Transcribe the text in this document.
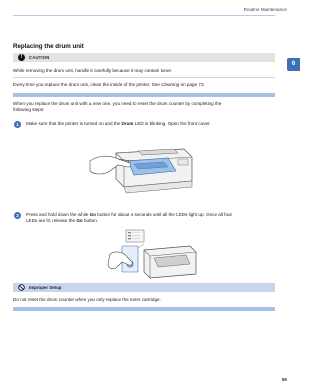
Routine Maintenance
6
Replacing the drum unit
!	CAUTION
While removing the drum unit, handle it carefully because it may contain toner.
Every time you replace the drum unit, clean the inside of the printer. See Cleaning on page 73.
When you replace the drum unit with a new one, you need to reset the drum counter by completing the
following steps:
1	Make sure that the printer is turned on and the Drum LED is blinking. Open the front cover.
2	Press and hold down the while Go button for about 4 seconds until all the LEDs light up. Once all four
LEDs are lit, release the Go button.
Improper Setup
Do not reset the drum counter when you only replace the toner cartridge.
69
